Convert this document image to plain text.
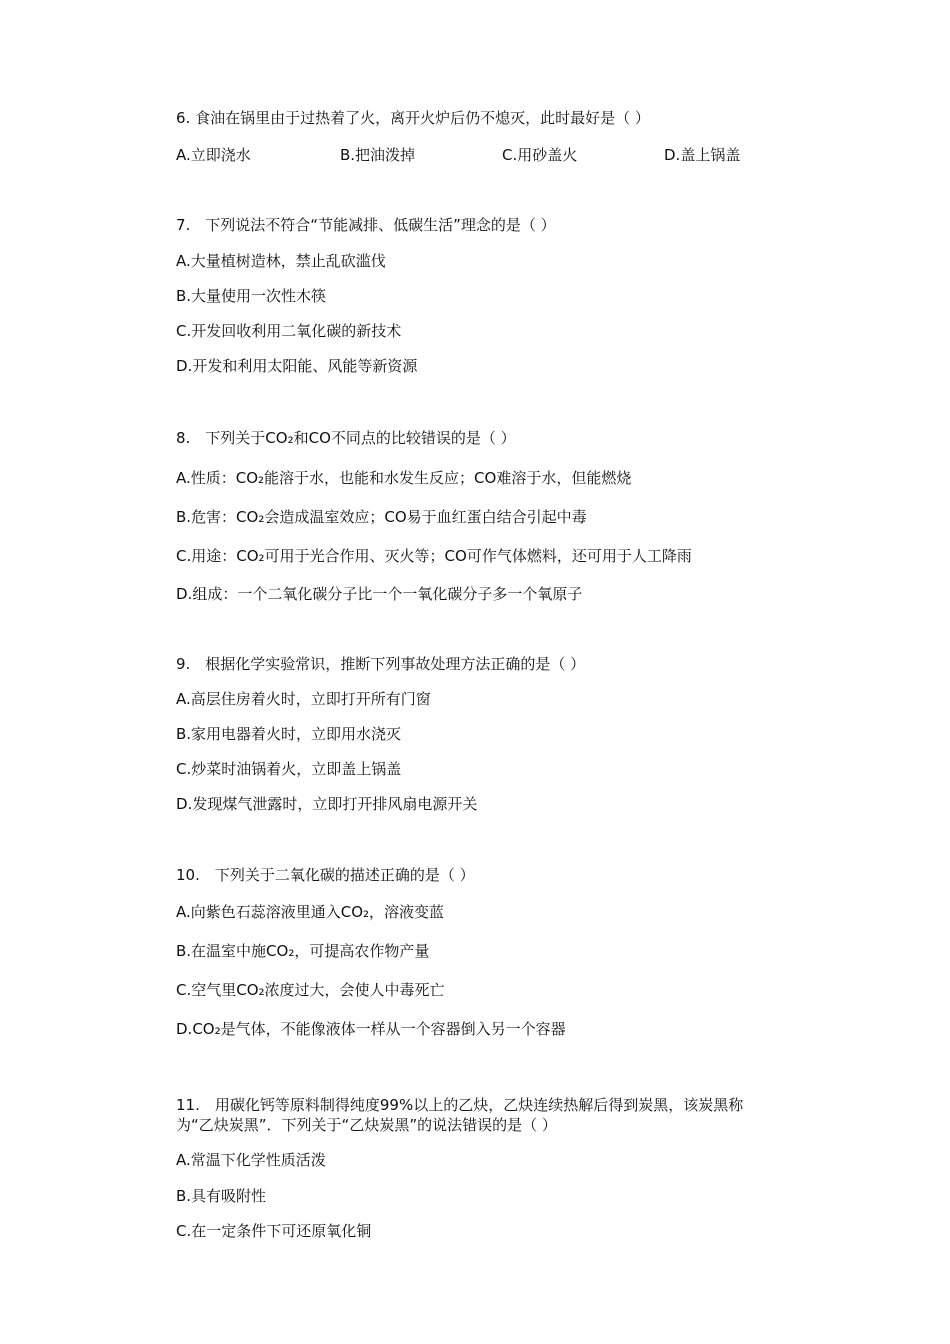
6. 食油在锅里由于过热着了火，离开火炉后仍不熄灭，此时最好是（ ）
A.立即浇水	B.把油泼掉	C.用砂盖火	D.盖上锅盖
7.　下列说法不符合“节能减排、低碳生活”理念的是（ ）
A.大量植树造林，禁止乱砍滥伐
B.大量使用一次性木筷
C.开发回收利用二氧化碳的新技术
D.开发和利用太阳能、风能等新资源
8.　下列关于CO₂和CO不同点的比较错误的是（ ）
A.性质：CO₂能溶于水，也能和水发生反应；CO难溶于水，但能燃烧
B.危害：CO₂会造成温室效应；CO易于血红蛋白结合引起中毒
C.用途：CO₂可用于光合作用、灭火等；CO可作气体燃料，还可用于人工降雨
D.组成：一个二氧化碳分子比一个一氧化碳分子多一个氧原子
9.　根据化学实验常识，推断下列事故处理方法正确的是（ ）
A.高层住房着火时，立即打开所有门窗
B.家用电器着火时，立即用水浇灭
C.炒菜时油锅着火，立即盖上锅盖
D.发现煤气泄露时，立即打开排风扇电源开关
10.　下列关于二氧化碳的描述正确的是（ ）
A.向紫色石蕊溶液里通入CO₂，溶液变蓝
B.在温室中施CO₂，可提高农作物产量
C.空气里CO₂浓度过大，会使人中毒死亡
D.CO₂是气体，不能像液体一样从一个容器倒入另一个容器
11.　用碳化钙等原料制得纯度99%以上的乙炔，乙炔连续热解后得到炭黑，该炭黑称
为“乙炔炭黑”．下列关于“乙炔炭黑”的说法错误的是（ ）
A.常温下化学性质活泼
B.具有吸附性
C.在一定条件下可还原氧化铜
